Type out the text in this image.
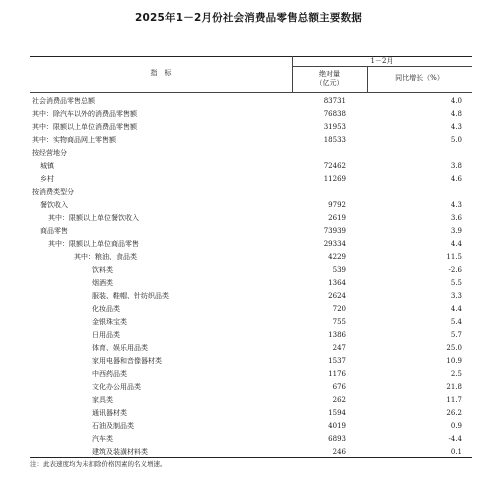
2025年1－2月份社会消费品零售总额主要数据
指　标
1－2月
绝对量
（亿元）
同比增长（%）
社会消费品零售总额	83731	4.0
其中：除汽车以外的消费品零售额	76838	4.8
其中：限额以上单位消费品零售额	31953	4.3
其中：实物商品网上零售额	18533	5.0
按经营地分
城镇	72462	3.8
乡村	11269	4.6
按消费类型分
餐饮收入	9792	4.3
其中：限额以上单位餐饮收入	2619	3.6
商品零售	73939	3.9
其中：限额以上单位商品零售	29334	4.4
其中：粮油、食品类	4229	11.5
饮料类	539	-2.6
烟酒类	1364	5.5
服装、鞋帽、针纺织品类	2624	3.3
化妆品类	720	4.4
金银珠宝类	755	5.4
日用品类	1386	5.7
体育、娱乐用品类	247	25.0
家用电器和音像器材类	1537	10.9
中西药品类	1176	2.5
文化办公用品类	676	21.8
家具类	262	11.7
通讯器材类	1594	26.2
石油及制品类	4019	0.9
汽车类	6893	-4.4
建筑及装潢材料类	246	0.1
注：此表速度均为未扣除价格因素的名义增速。
